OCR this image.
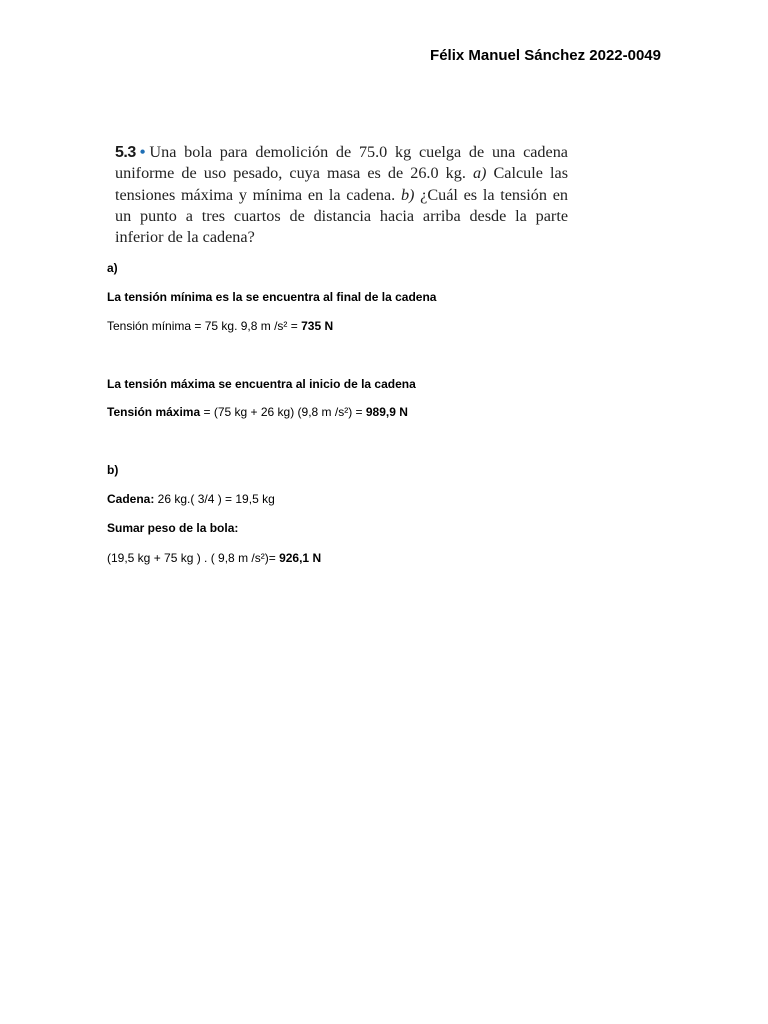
Félix Manuel Sánchez 2022-0049
5.3 • Una bola para demolición de 75.0 kg cuelga de una cadena uniforme de uso pesado, cuya masa es de 26.0 kg. a) Calcule las tensiones máxima y mínima en la cadena. b) ¿Cuál es la tensión en un punto a tres cuartos de distancia hacia arriba desde la parte inferior de la cadena?
a)
La tensión mínima es la se encuentra al final de la cadena
Tensión mínima = 75 kg. 9,8 m /s² = 735 N
La tensión máxima se encuentra al inicio de la cadena
Tensión máxima = (75 kg + 26 kg) (9,8 m /s²) = 989,9 N
b)
Cadena: 26 kg.( 3/4 ) = 19,5 kg
Sumar peso de la bola:
(19,5 kg + 75 kg ) . ( 9,8 m /s²)= 926,1 N
